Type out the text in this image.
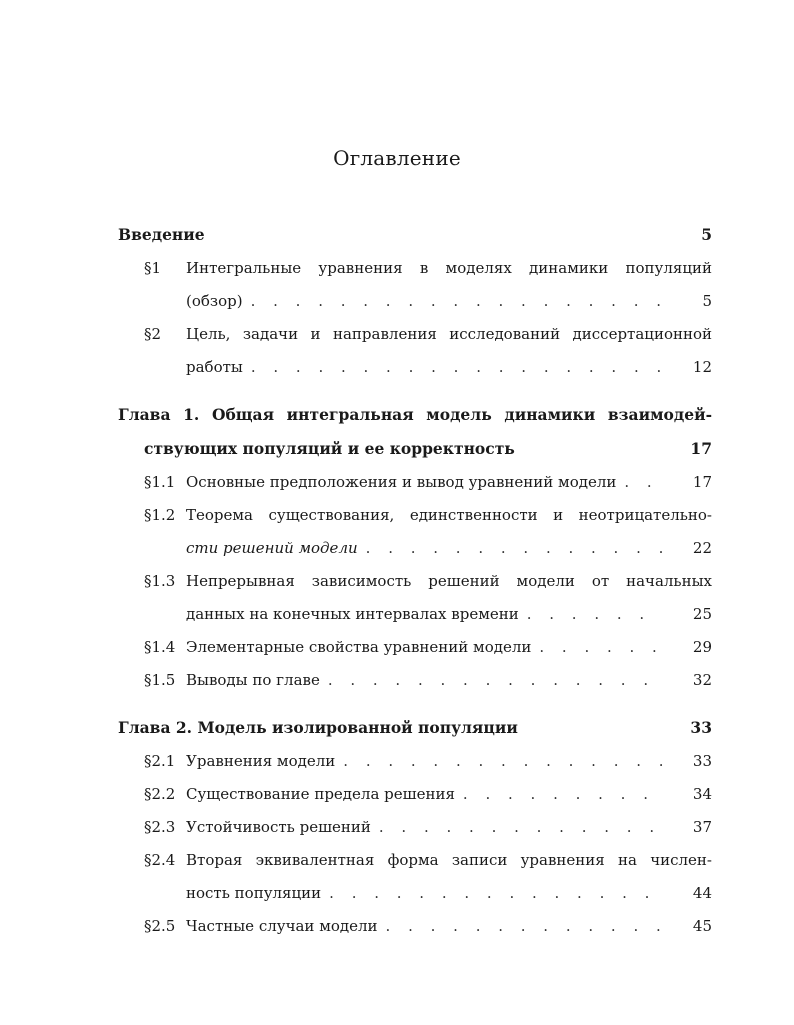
Оглавление
Введение	5
§1 Интегральные уравнения в моделях динамики популяций
(обзор) . . .	5
§2 Цель, задачи и направления исследований диссертационной
работы . . .	12
Глава 1. Общая интегральная модель динамики взаимодей-
ствующих популяций и ее корректность	17
§1.1 Основные предположения и вывод уравнений модели . . .	17
§1.2 Теорема существования, единственности и неотрицательно-
сти решений модели . . .	22
§1.3 Непрерывная зависимость решений модели от начальных
данных на конечных интервалах времени . . .	25
§1.4 Элементарные свойства уравнений модели . . .	29
§1.5 Выводы по главе . . .	32
Глава 2. Модель изолированной популяции	33
§2.1 Уравнения модели . . .	33
§2.2 Существование предела решения . . .	34
§2.3 Устойчивость решений . . .	37
§2.4 Вторая эквивалентная форма записи уравнения на числен-
ность популяции . . .	44
§2.5 Частные случаи модели . . .	45
